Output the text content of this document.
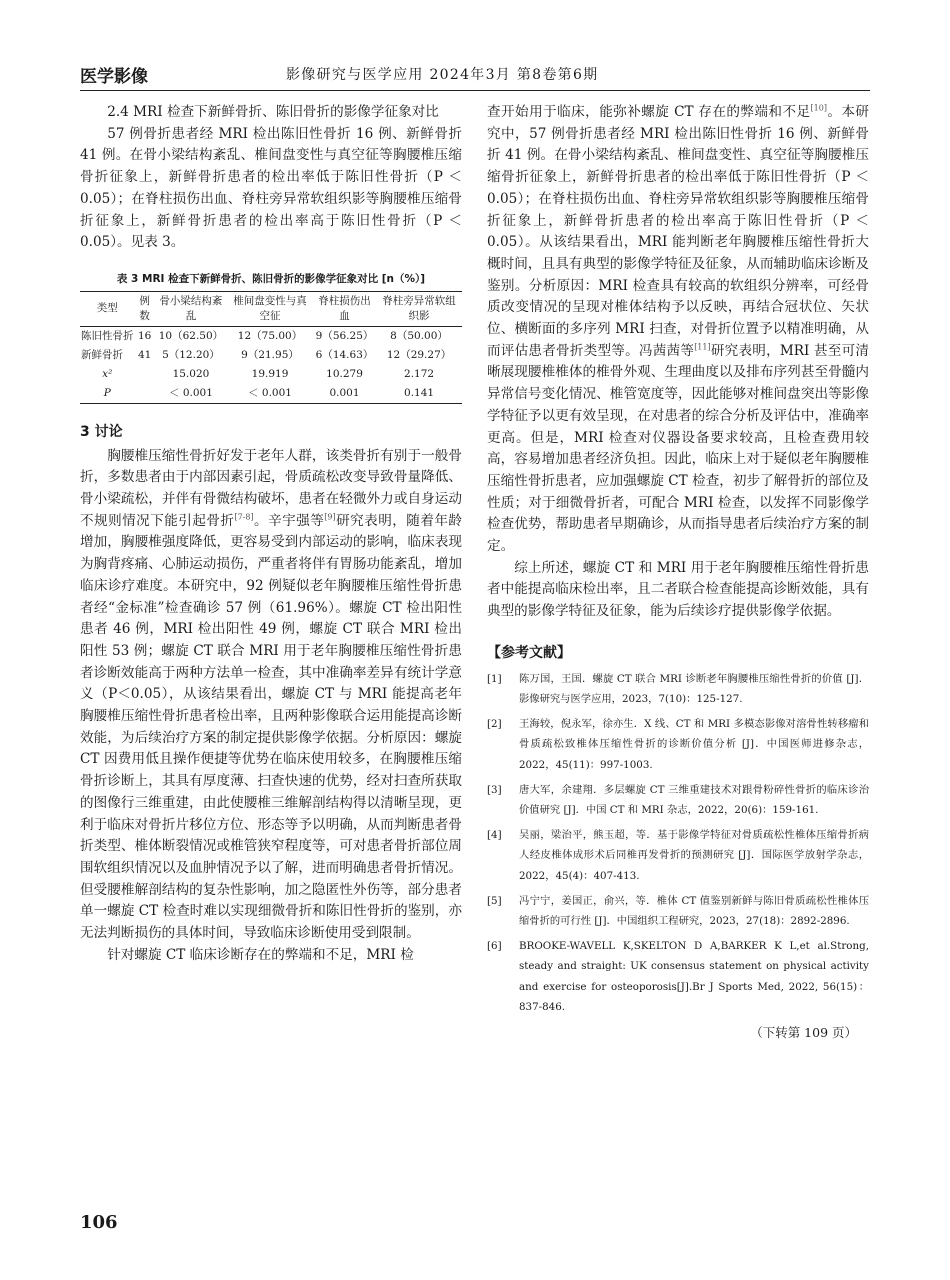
医学影像	影像研究与医学应用 2024年3月 第8卷第6期

2.4 MRI 检查下新鲜骨折、陈旧骨折的影像学征象对比

57 例骨折患者经 MRI 检出陈旧性骨折 16 例、新鲜骨折 41 例。在骨小梁结构紊乱、椎间盘变性与真空征等胸腰椎压缩骨折征象上，新鲜骨折患者的检出率低于陈旧性骨折（P ＜ 0.05）；在脊柱损伤出血、脊柱旁异常软组织影等胸腰椎压缩骨折征象上，新鲜骨折患者的检出率高于陈旧性骨折（P ＜ 0.05）。见表 3。

表 3 MRI 检查下新鲜骨折、陈旧骨折的影像学征象对比 [n（%）]
类型	例数	骨小梁结构紊乱	椎间盘变性与真空征	脊柱损伤出血	脊柱旁异常软组织影
陈旧性骨折	16	10（62.50）	12（75.00）	9（56.25）	8（50.00）
新鲜骨折	41	5（12.20）	9（21.95）	6（14.63）	12（29.27）
x²		15.020	19.919	10.279	2.172
P		＜ 0.001	＜ 0.001	0.001	0.141
3 讨论

胸腰椎压缩性骨折好发于老年人群，该类骨折有别于一般骨折，多数患者由于内部因素引起，骨质疏松改变导致骨量降低、骨小梁疏松，并伴有骨微结构破坏，患者在轻微外力或自身运动不规则情况下能引起骨折[7-8]。辛宇强等[9]研究表明，随着年龄增加，胸腰椎强度降低，更容易受到内部运动的影响，临床表现为胸背疼痛、心肺运动损伤，严重者将伴有胃肠功能紊乱，增加临床诊疗难度。本研究中，92 例疑似老年胸腰椎压缩性骨折患者经“金标准”检查确诊 57 例（61.96%）。螺旋 CT 检出阳性患者 46 例，MRI 检出阳性 49 例，螺旋 CT 联合 MRI 检出阳性 53 例；螺旋 CT 联合 MRI 用于老年胸腰椎压缩性骨折患者诊断效能高于两种方法单一检查，其中准确率差异有统计学意义（P＜0.05），从该结果看出，螺旋 CT 与 MRI 能提高老年胸腰椎压缩性骨折患者检出率，且两种影像联合运用能提高诊断效能，为后续治疗方案的制定提供影像学依据。分析原因：螺旋 CT 因费用低且操作便捷等优势在临床使用较多，在胸腰椎压缩骨折诊断上，其具有厚度薄、扫查快速的优势，经对扫查所获取的图像行三维重建，由此使腰椎三维解剖结构得以清晰呈现，更利于临床对骨折片移位方位、形态等予以明确，从而判断患者骨折类型、椎体断裂情况或椎管狭窄程度等，可对患者骨折部位周围软组织情况以及血肿情况予以了解，进而明确患者骨折情况。但受腰椎解剖结构的复杂性影响，加之隐匿性外伤等，部分患者单一螺旋 CT 检查时难以实现细微骨折和陈旧性骨折的鉴别，亦无法判断损伤的具体时间，导致临床诊断使用受到限制。

针对螺旋 CT 临床诊断存在的弊端和不足，MRI 检

查开始用于临床，能弥补螺旋 CT 存在的弊端和不足[10]。本研究中，57 例骨折患者经 MRI 检出陈旧性骨折 16 例、新鲜骨折 41 例。在骨小梁结构紊乱、椎间盘变性、真空征等胸腰椎压缩骨折征象上，新鲜骨折患者的检出率低于陈旧性骨折（P ＜ 0.05）；在脊柱损伤出血、脊柱旁异常软组织影等胸腰椎压缩骨折征象上，新鲜骨折患者的检出率高于陈旧性骨折（P ＜ 0.05）。从该结果看出，MRI 能判断老年胸腰椎压缩性骨折大概时间，且具有典型的影像学特征及征象，从而辅助临床诊断及鉴别。分析原因：MRI 检查具有较高的软组织分辨率，可经骨质改变情况的呈现对椎体结构予以反映，再结合冠状位、矢状位、横断面的多序列 MRI 扫查，对骨折位置予以精准明确，从而评估患者骨折类型等。冯茜茜等[11]研究表明，MRI 甚至可清晰展现腰椎椎体的椎骨外观、生理曲度以及排布序列甚至骨髓内异常信号变化情况、椎管宽度等，因此能够对椎间盘突出等影像学特征予以更有效呈现，在对患者的综合分析及评估中，准确率更高。但是，MRI 检查对仪器设备要求较高，且检查费用较高，容易增加患者经济负担。因此，临床上对于疑似老年胸腰椎压缩性骨折患者，应加强螺旋 CT 检查，初步了解骨折的部位及性质；对于细微骨折者，可配合 MRI 检查，以发挥不同影像学检查优势，帮助患者早期确诊，从而指导患者后续治疗方案的制定。

综上所述，螺旋 CT 和 MRI 用于老年胸腰椎压缩性骨折患者中能提高临床检出率，且二者联合检查能提高诊断效能，具有典型的影像学特征及征象，能为后续诊疗提供影像学依据。

【参考文献】
[1]	陈万国，王国．螺旋 CT 联合 MRI 诊断老年胸腰椎压缩性骨折的价值 [J]．影像研究与医学应用，2023，7(10)：125-127.
[2]	王海较，倪永军，徐亦生．X 线、CT 和 MRI 多模态影像对溶骨性转移瘤和骨质疏松致椎体压缩性骨折的诊断价值分析 [J]．中国医师进修杂志，2022，45(11)：997-1003.
[3]	唐大军，余建翔．多层螺旋 CT 三维重建技术对跟骨粉碎性骨折的临床诊治价值研究 [J]．中国 CT 和 MRI 杂志，2022，20(6)：159-161.
[4]	吴丽，梁治平，熊玉超，等．基于影像学特征对骨质疏松性椎体压缩骨折病人经皮椎体成形术后同椎再发骨折的预测研究 [J]．国际医学放射学杂志，2022，45(4)：407-413.
[5]	冯宁宁，姜国正，俞兴，等．椎体 CT 值鉴别新鲜与陈旧骨质疏松性椎体压缩骨折的可行性 [J]．中国组织工程研究，2023，27(18)：2892-2896.
[6]	BROOKE-WAVELL K,SKELTON D A,BARKER K L,et al.Strong, steady and straight: UK consensus statement on physical activity and exercise for osteoporosis[J].Br J Sports Med, 2022, 56(15)：837-846.
（下转第 109 页）
106
